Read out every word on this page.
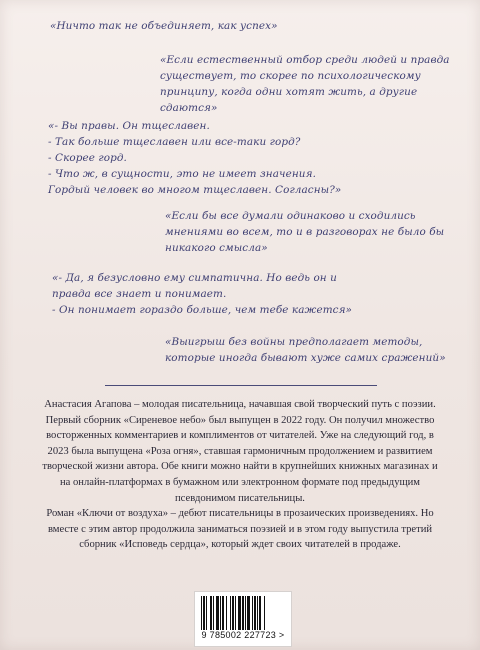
«Ничто так не объединяет, как успех»
«Если естественный отбор среди людей и правда существует, то скорее по психологическому принципу, когда одни хотят жить, а другие сдаются»
«- Вы правы. Он тщеславен.
- Так больше тщеславен или все-таки горд?
- Скорее горд.
- Что ж, в сущности, это не имеет значения.
Гордый человек во многом тщеславен. Согласны?»
«Если бы все думали одинаково и сходились мнениями во всем, то и в разговорах не было бы никакого смысла»
«- Да, я безусловно ему симпатична. Но ведь он и правда все знает и понимает.
- Он понимает гораздо больше, чем тебе кажется»
«Выигрыш без войны предполагает методы, которые иногда бывают хуже самих сражений»

Анастасия Агапова – молодая писательница, начавшая свой творческий путь с поэзии. Первый сборник «Сиреневое небо» был выпущен в 2022 году. Он получил множество восторженных комментариев и комплиментов от читателей. Уже на следующий год, в 2023 была выпущена «Роза огня», ставшая гармоничным продолжением и развитием творческой жизни автора. Обе книги можно найти в крупнейших книжных магазинах и на онлайн-платформах в бумажном или электронном формате под предыдущим псевдонимом писательницы.

Роман «Ключи от воздуха» – дебют писательницы в прозаических произведениях. Но вместе с этим автор продолжила заниматься поэзией и в этом году выпустила третий сборник «Исповедь сердца», который ждет своих читателей в продаже.

9 785002 227723 >
